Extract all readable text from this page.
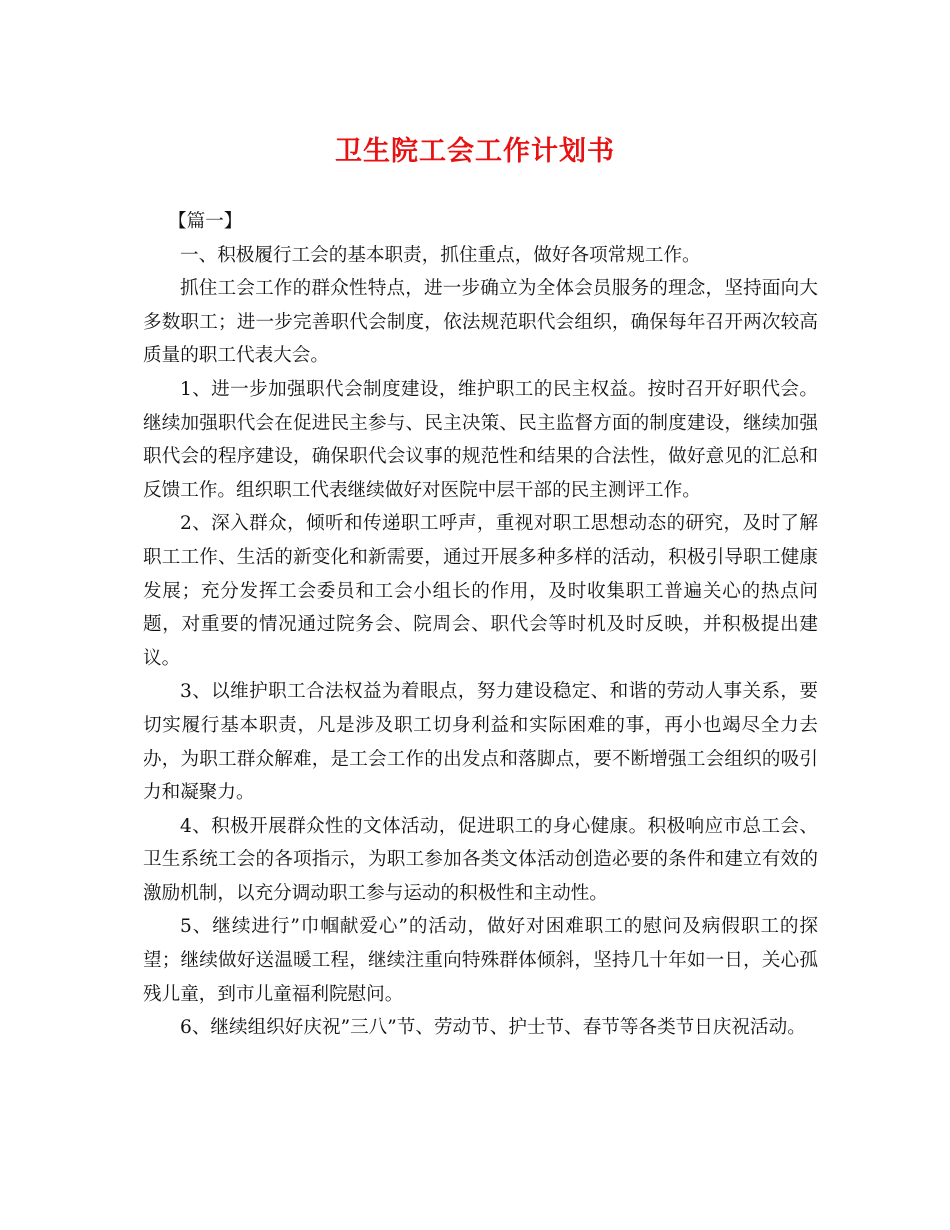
卫生院工会工作计划书

【篇一】

一、积极履行工会的基本职责，抓住重点，做好各项常规工作。

抓住工会工作的群众性特点，进一步确立为全体会员服务的理念，坚持面向大多数职工；进一步完善职代会制度，依法规范职代会组织，确保每年召开两次较高质量的职工代表大会。

1、进一步加强职代会制度建设，维护职工的民主权益。按时召开好职代会。继续加强职代会在促进民主参与、民主决策、民主监督方面的制度建设，继续加强职代会的程序建设，确保职代会议事的规范性和结果的合法性，做好意见的汇总和反馈工作。组织职工代表继续做好对医院中层干部的民主测评工作。

2、深入群众，倾听和传递职工呼声，重视对职工思想动态的研究，及时了解职工工作、生活的新变化和新需要，通过开展多种多样的活动，积极引导职工健康发展；充分发挥工会委员和工会小组长的作用，及时收集职工普遍关心的热点问题，对重要的情况通过院务会、院周会、职代会等时机及时反映，并积极提出建议。

3、以维护职工合法权益为着眼点，努力建设稳定、和谐的劳动人事关系，要切实履行基本职责，凡是涉及职工切身利益和实际困难的事，再小也竭尽全力去办，为职工群众解难，是工会工作的出发点和落脚点，要不断增强工会组织的吸引力和凝聚力。

4、积极开展群众性的文体活动，促进职工的身心健康。积极响应市总工会、卫生系统工会的各项指示，为职工参加各类文体活动创造必要的条件和建立有效的激励机制，以充分调动职工参与运动的积极性和主动性。

5、继续进行”巾帼献爱心”的活动，做好对困难职工的慰问及病假职工的探望；继续做好送温暖工程，继续注重向特殊群体倾斜，坚持几十年如一日，关心孤残儿童，到市儿童福利院慰问。

6、继续组织好庆祝”三八”节、劳动节、护士节、春节等各类节日庆祝活动。
